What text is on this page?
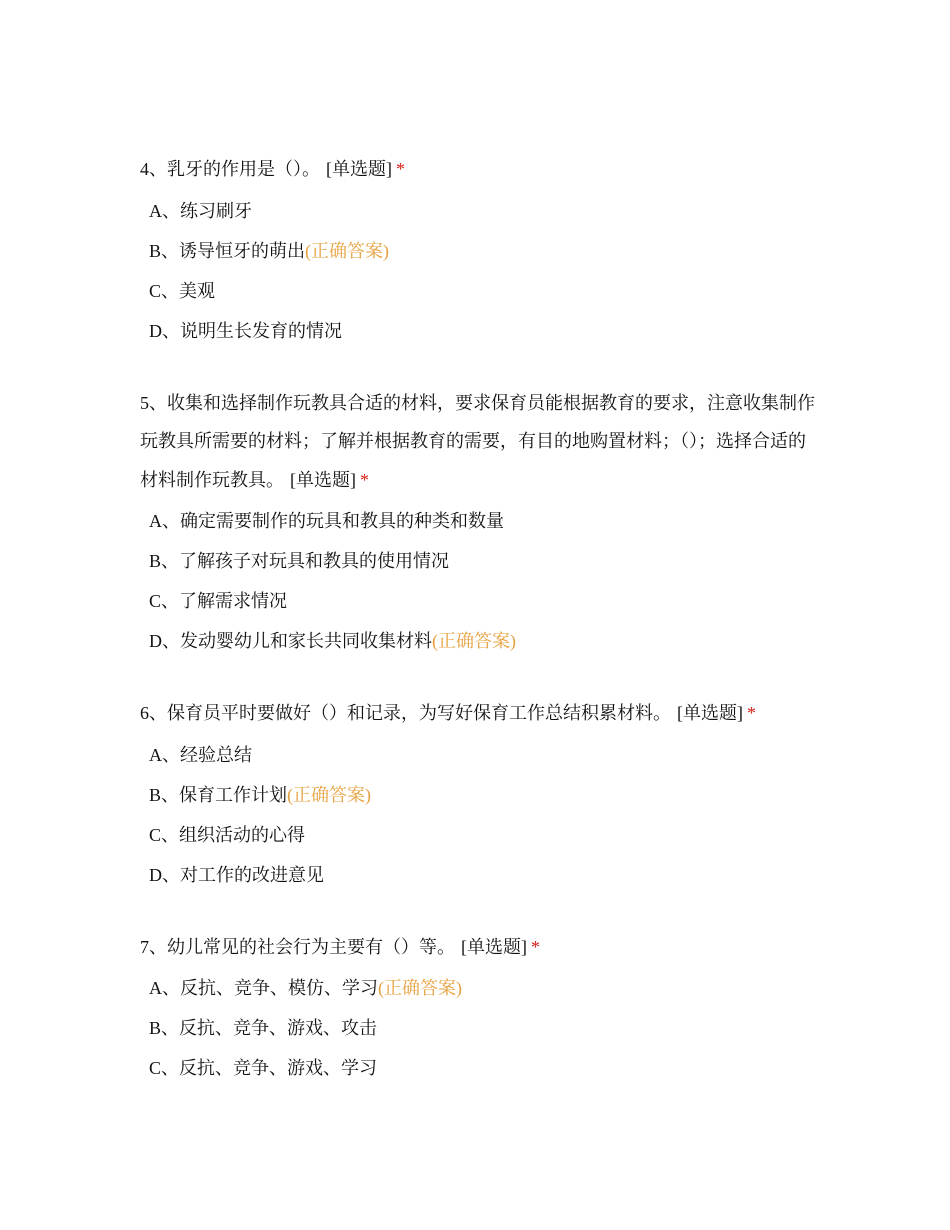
4、乳牙的作用是（）。 [单选题] *
A、练习刷牙
B、诱导恒牙的萌出(正确答案)
C、美观
D、说明生长发育的情况
5、收集和选择制作玩教具合适的材料，要求保育员能根据教育的要求，注意收集制作玩教具所需要的材料；了解并根据教育的需要，有目的地购置材料；（）；选择合适的材料制作玩教具。 [单选题] *
A、确定需要制作的玩具和教具的种类和数量
B、了解孩子对玩具和教具的使用情况
C、了解需求情况
D、发动婴幼儿和家长共同收集材料(正确答案)
6、保育员平时要做好（）和记录，为写好保育工作总结积累材料。 [单选题] *
A、经验总结
B、保育工作计划(正确答案)
C、组织活动的心得
D、对工作的改进意见
7、幼儿常见的社会行为主要有（）等。 [单选题] *
A、反抗、竞争、模仿、学习(正确答案)
B、反抗、竞争、游戏、攻击
C、反抗、竞争、游戏、学习
